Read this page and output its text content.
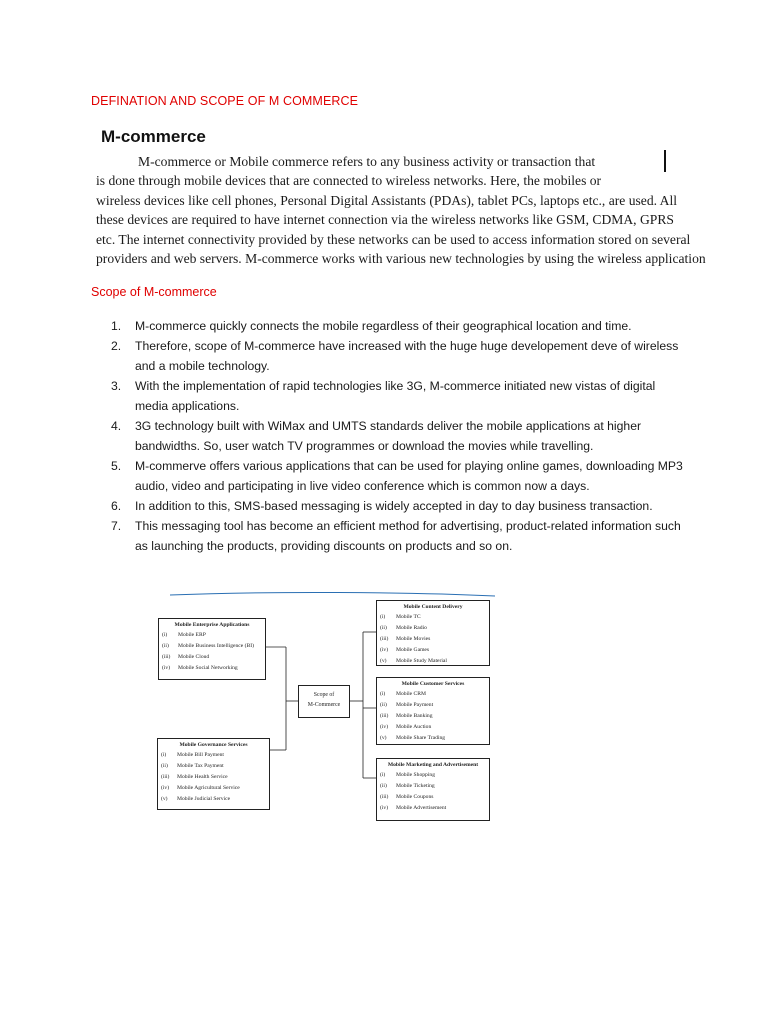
DEFINATION AND SCOPE OF M COMMERCE
M-commerce
M-commerce or Mobile commerce refers to any business activity or transaction that
is done through mobile devices that are connected to wireless networks. Here, the mobiles or
wireless devices like cell phones, Personal Digital Assistants (PDAs), tablet PCs, laptops etc., are used. All
these devices are required to have internet connection via the wireless networks like GSM, CDMA, GPRS
etc. The internet connectivity provided by these networks can be used to access information stored on several
providers and web servers. M-commerce works with various new technologies by using the wireless application
Scope of M-commerce
1. M-commerce quickly connects the mobile regardless of their geographical location and time.
2. Therefore, scope of M-commerce have increased with the huge huge developement deve of wireless and a mobile technology.
3. With the implementation of rapid technologies like 3G, M-commerce initiated new vistas of digital media applications.
4. 3G technology built with WiMax and UMTS standards deliver the mobile applications at higher bandwidths. So, user watch TV programmes or download the movies while travelling.
5. M-commerve offers various applications that can be used for playing online games, downloading MP3 audio, video and participating in live video conference which is common now a days.
6. In addition to this, SMS-based messaging is widely accepted in day to day business transaction.
7. This messaging tool has become an efficient method for advertising, product-related information such as launching the products, providing discounts on products and so on.
Scope of
M-Commerce
Mobile Enterprise Applications
(i) Mobile ERP
(ii) Mobile Business Intelligence (BI)
(iii) Mobile Cloud
(iv) Mobile Social Networking
Mobile Governance Services
(i) Mobile Bill Payment
(ii) Mobile Tax Payment
(iii) Mobile Health Service
(iv) Mobile Agricultural Service
(v) Mobile Judicial Service
Mobile Content Delivery
(i) Mobile TC
(ii) Mobile Radio
(iii) Mobile Movies
(iv) Mobile Games
(v) Mobile Study Material
Mobile Customer Services
(i) Mobile CRM
(ii) Mobile Payment
(iii) Mobile Banking
(iv) Mobile Auction
(v) Mobile Share Trading
Mobile Marketing and Advertisement
(i) Mobile Shopping
(ii) Mobile Ticketing
(iii) Mobile Coupons
(iv) Mobile Advertisement
